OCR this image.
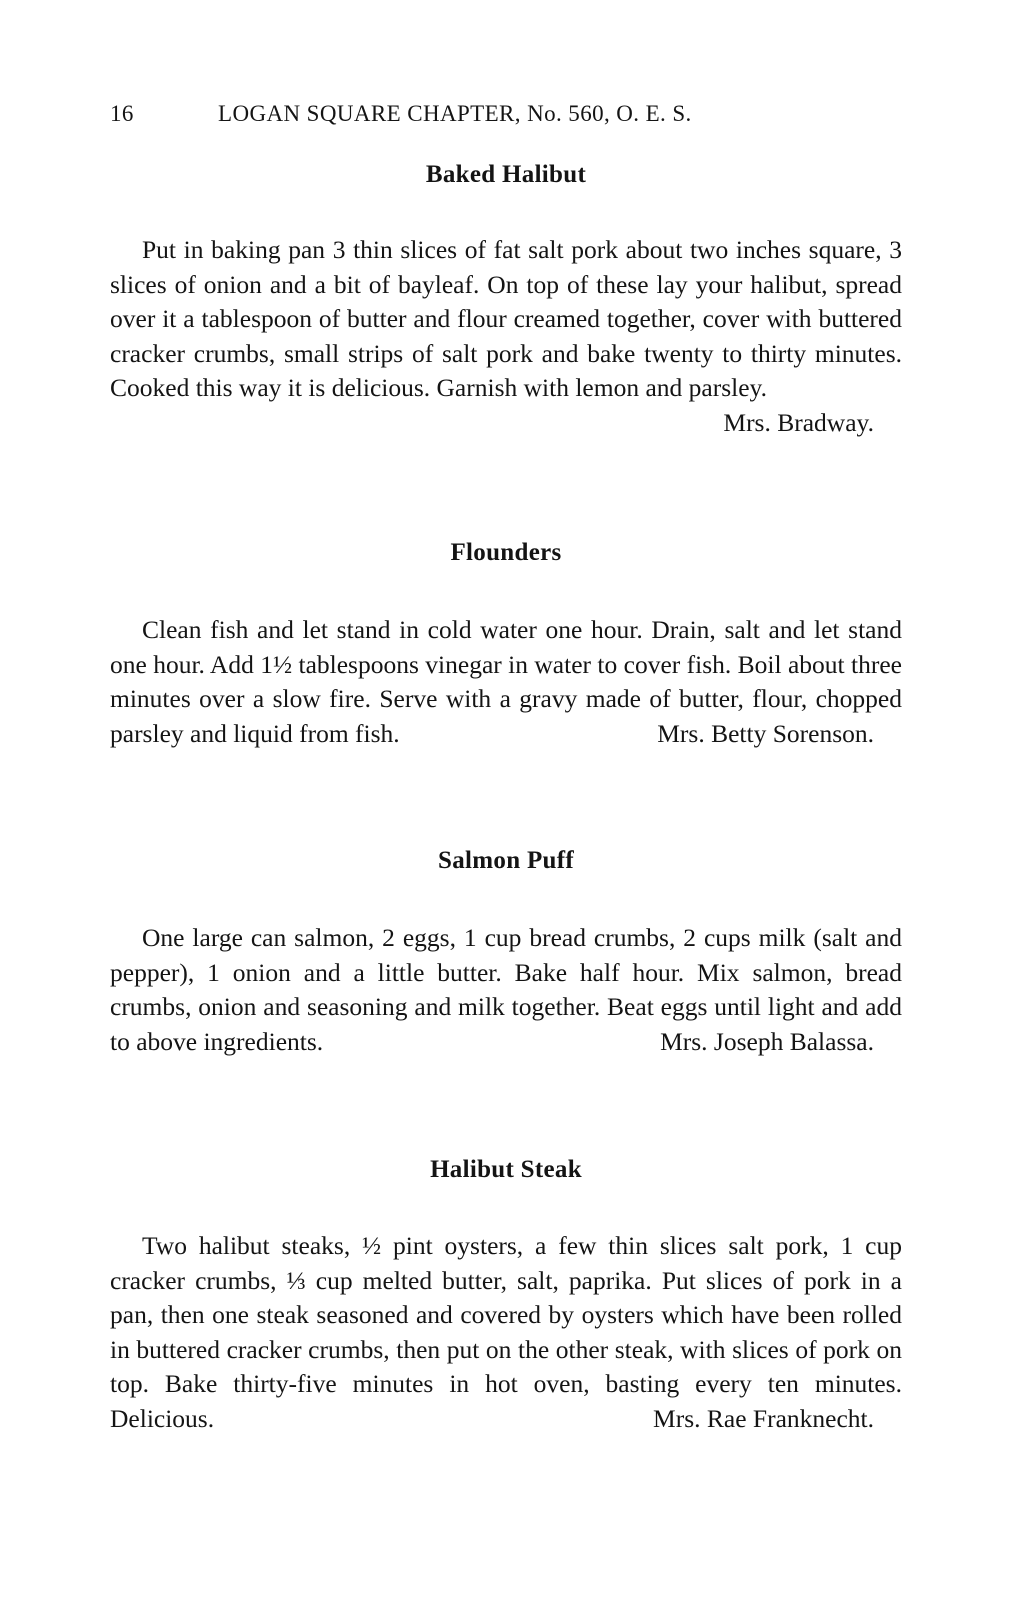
16	LOGAN SQUARE CHAPTER, No. 560, O. E. S.
Baked Halibut

Put in baking pan 3 thin slices of fat salt pork about two inches square, 3 slices of onion and a bit of bayleaf. On top of these lay your halibut, spread over it a tablespoon of butter and flour creamed together, cover with buttered cracker crumbs, small strips of salt pork and bake twenty to thirty minutes. Cooked this way it is delicious. Garnish with lemon and parsley.
Mrs. Bradway.

Flounders

Clean fish and let stand in cold water one hour. Drain, salt and let stand one hour. Add 1½ tablespoons vinegar in water to cover fish. Boil about three minutes over a slow fire. Serve with a gravy made of butter, flour, chopped parsley and liquid from fish.	Mrs. Betty Sorenson.

Salmon Puff

One large can salmon, 2 eggs, 1 cup bread crumbs, 2 cups milk (salt and pepper), 1 onion and a little butter. Bake half hour. Mix salmon, bread crumbs, onion and seasoning and milk together. Beat eggs until light and add to above ingredients.	Mrs. Joseph Balassa.

Halibut Steak

Two halibut steaks, ½ pint oysters, a few thin slices salt pork, 1 cup cracker crumbs, ⅓ cup melted butter, salt, paprika. Put slices of pork in a pan, then one steak seasoned and covered by oysters which have been rolled in buttered cracker crumbs, then put on the other steak, with slices of pork on top. Bake thirty-five minutes in hot oven, basting every ten minutes. Delicious.	Mrs. Rae Franknecht.
